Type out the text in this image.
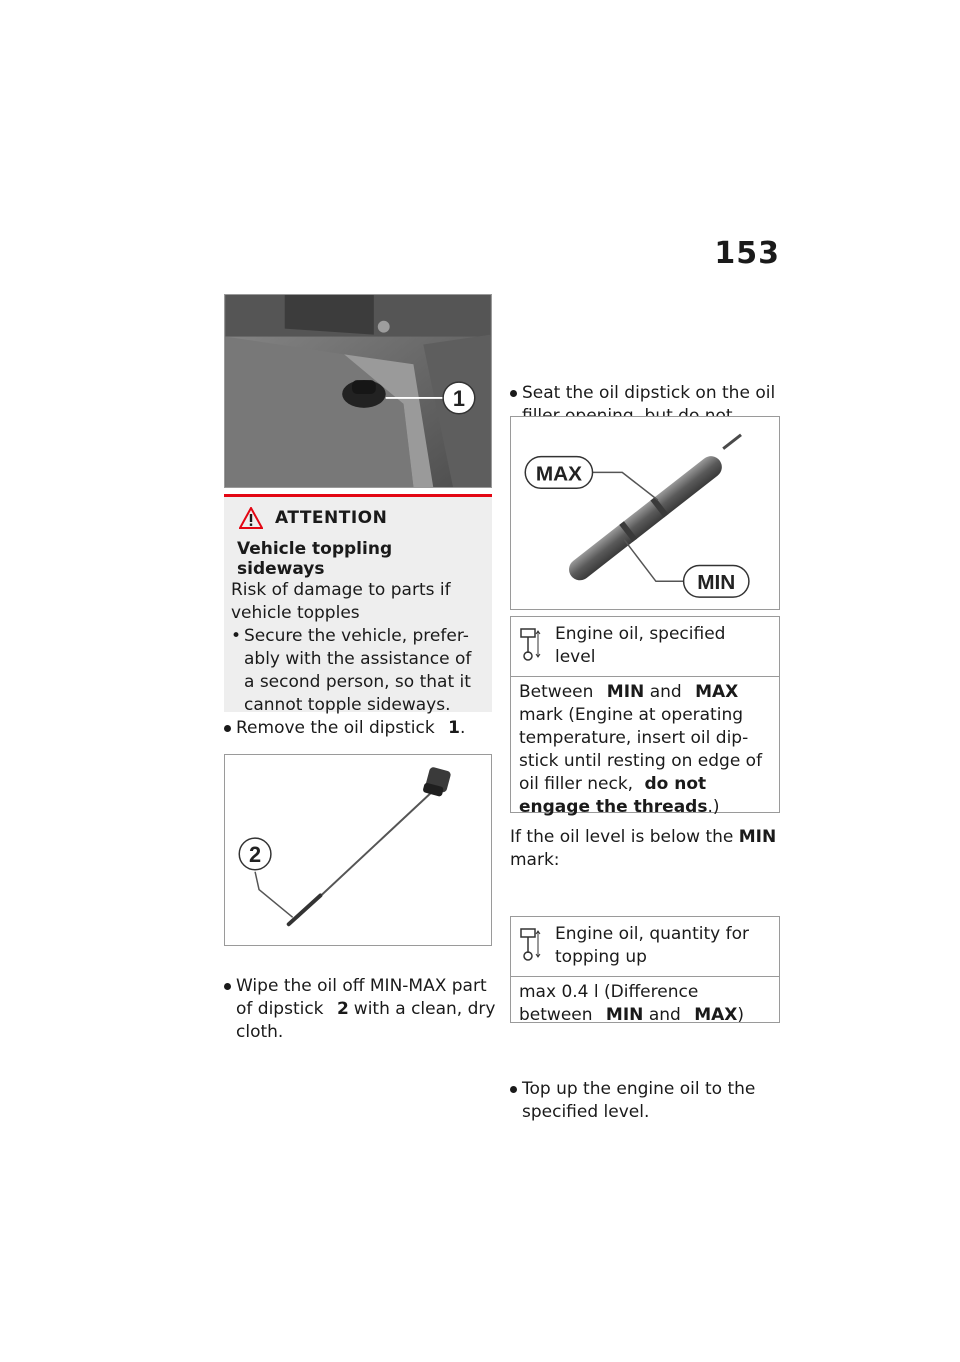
153
1
ATTENTION
Vehicle toppling sideways
Risk of damage to parts if vehicle topples
• Secure the vehicle, prefer-ably with the assistance of a second person, so that it cannot topple sideways.
Remove the oil dipstick 1.
2
Wipe the oil off MIN-MAX part of dipstick 2 with a clean, dry cloth.
Seat the oil dipstick on the oil
MAX
MIN
Engine oil, specified level
Between MIN and MAX mark (Engine at operating temperature, insert oil dip-stick until resting on edge of oil filler neck, do not engage the threads.)
If the oil level is below the MIN mark:
Top up the engine oil to the specified level.
Engine oil, quantity for topping up
max 0.4 l (Difference
between MIN and MAX)
